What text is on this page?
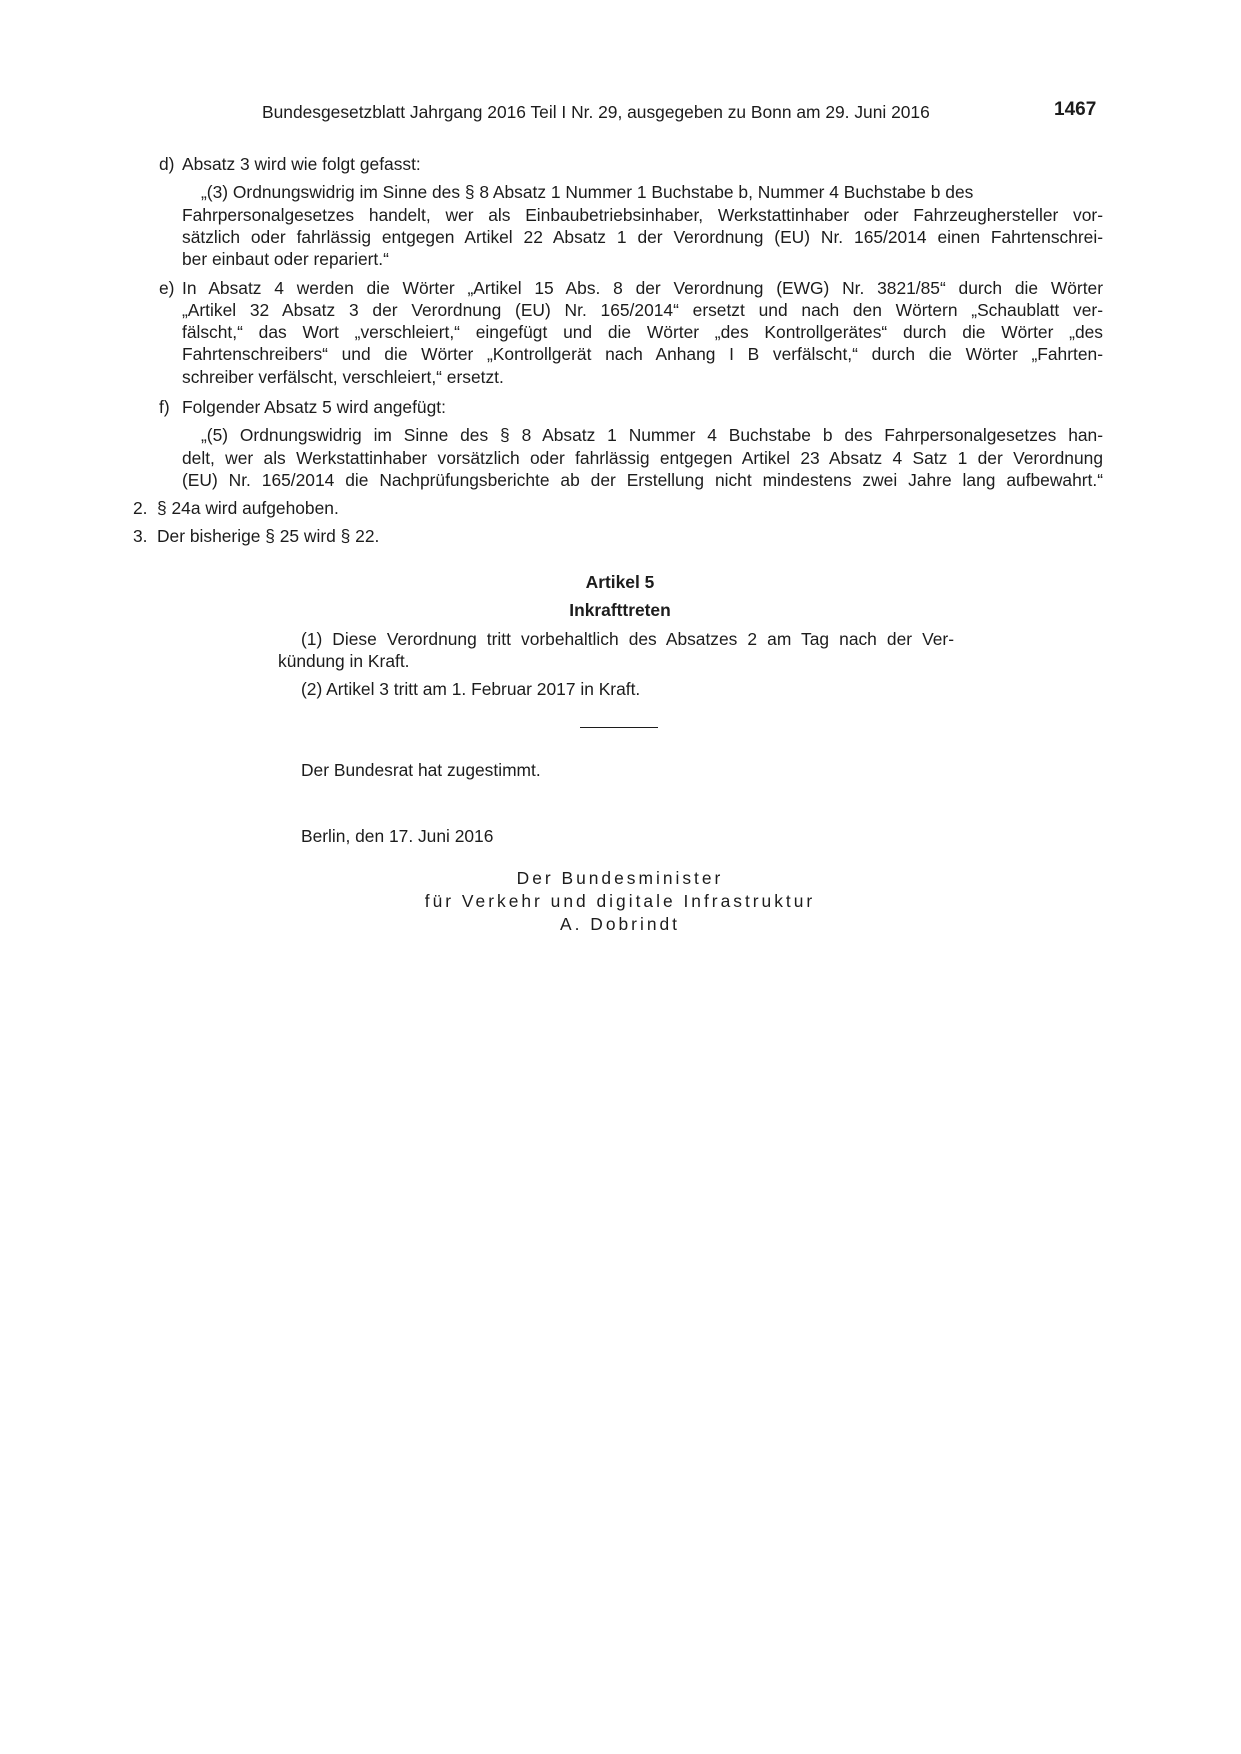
Bundesgesetzblatt Jahrgang 2016 Teil I Nr. 29, ausgegeben zu Bonn am 29. Juni 2016	1467
d) Absatz 3 wird wie folgt gefasst:
„(3) Ordnungswidrig im Sinne des § 8 Absatz 1 Nummer 1 Buchstabe b, Nummer 4 Buchstabe b des
Fahrpersonalgesetzes handelt, wer als Einbaubetriebsinhaber, Werkstattinhaber oder Fahrzeughersteller vor-
sätzlich oder fahrlässig entgegen Artikel 22 Absatz 1 der Verordnung (EU) Nr. 165/2014 einen Fahrtenschrei-
ber einbaut oder repariert.“
e) In Absatz 4 werden die Wörter „Artikel 15 Abs. 8 der Verordnung (EWG) Nr. 3821/85“ durch die Wörter
„Artikel 32 Absatz 3 der Verordnung (EU) Nr. 165/2014“ ersetzt und nach den Wörtern „Schaublatt ver-
fälscht,“ das Wort „verschleiert,“ eingefügt und die Wörter „des Kontrollgerätes“ durch die Wörter „des
Fahrtenschreibers“ und die Wörter „Kontrollgerät nach Anhang I B verfälscht,“ durch die Wörter „Fahrten-
schreiber verfälscht, verschleiert,“ ersetzt.
f) Folgender Absatz 5 wird angefügt:
„(5) Ordnungswidrig im Sinne des § 8 Absatz 1 Nummer 4 Buchstabe b des Fahrpersonalgesetzes han-
delt, wer als Werkstattinhaber vorsätzlich oder fahrlässig entgegen Artikel 23 Absatz 4 Satz 1 der Verordnung
(EU) Nr. 165/2014 die Nachprüfungsberichte ab der Erstellung nicht mindestens zwei Jahre lang aufbewahrt.“
2. § 24a wird aufgehoben.
3. Der bisherige § 25 wird § 22.
Artikel 5
Inkrafttreten
(1) Diese Verordnung tritt vorbehaltlich des Absatzes 2 am Tag nach der Ver-
kündung in Kraft.
(2) Artikel 3 tritt am 1. Februar 2017 in Kraft.
Der Bundesrat hat zugestimmt.
Berlin, den 17. Juni 2016
Der Bundesminister
für Verkehr und digitale Infrastruktur
A. Dobrindt
